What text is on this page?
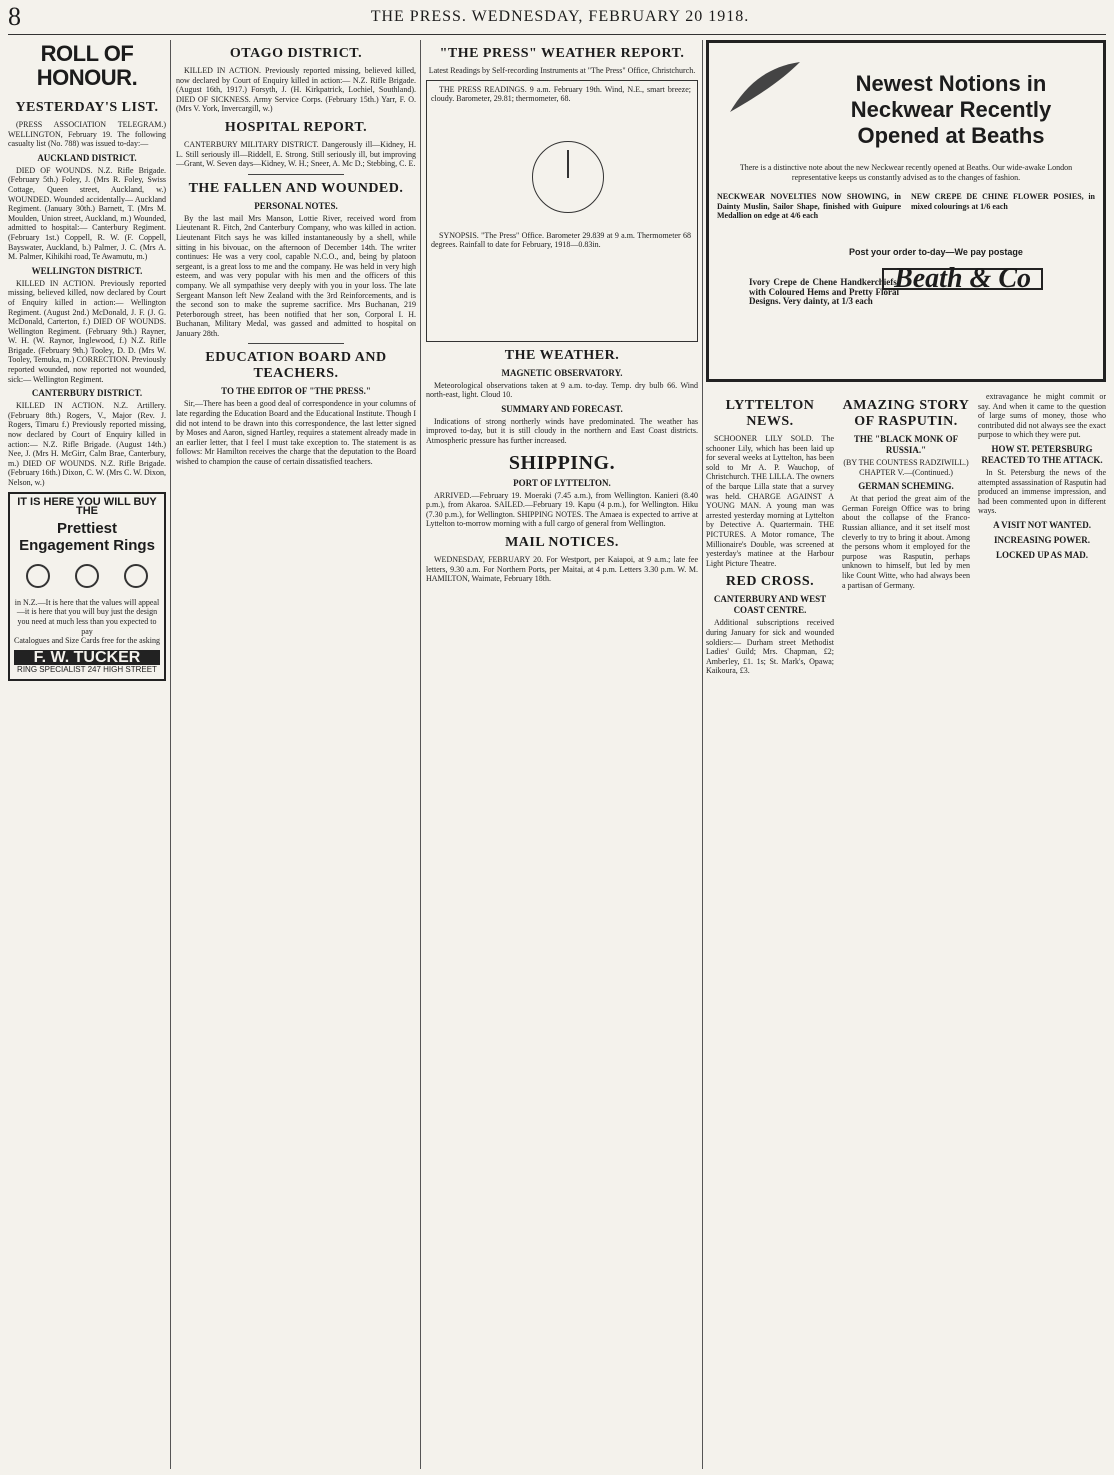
8	THE PRESS. WEDNESDAY, FEBRUARY 20 1918.
ROLL OF HONOUR.
YESTERDAY'S LIST.

(PRESS ASSOCIATION TELEGRAM.) WELLINGTON, February 19. The following casualty list (No. 788) was issued to-day:—

AUCKLAND DISTRICT.

DIED OF WOUNDS. N.Z. Rifle Brigade. (February 5th.) Foley, J. (Mrs R. Foley, Swiss Cottage, Queen street, Auckland, w.) WOUNDED. Wounded accidentally— Auckland Regiment. (January 30th.) Barnett, T. (Mrs M. Moulden, Union street, Auckland, m.) Wounded, admitted to hospital:— Canterbury Regiment. (February 1st.) Coppell, R. W. (F. Coppell, Bayswater, Auckland, b.) Palmer, J. C. (Mrs A. M. Palmer, Kihikihi road, Te Awamutu, m.)

WELLINGTON DISTRICT.

KILLED IN ACTION. Previously reported missing, believed killed, now declared by Court of Enquiry killed in action:— Wellington Regiment. (August 2nd.) McDonald, J. F. (J. G. McDonald, Carterton, f.) DIED OF WOUNDS. Wellington Regiment. (February 9th.) Rayner, W. H. (W. Raynor, Inglewood, f.) N.Z. Rifle Brigade. (February 9th.) Tooley, D. D. (Mrs W. Tooley, Temuka, m.) CORRECTION. Previously reported wounded, now reported not wounded, sick:— Wellington Regiment.

CANTERBURY DISTRICT.

KILLED IN ACTION. N.Z. Artillery. (February 8th.) Rogers, V., Major (Rev. J. Rogers, Timaru f.) Previously reported missing, now declared by Court of Enquiry killed in action:— N.Z. Rifle Brigade. (August 14th.) Nee, J. (Mrs H. McGirr, Calm Brae, Canterbury, m.) DIED OF WOUNDS. N.Z. Rifle Brigade. (February 16th.) Dixon, C. W. (Mrs C. W. Dixon, Nelson, w.)

IT IS HERE YOU WILL BUY THE
Prettiest Engagement Rings
in N.Z.—It is here that the values will appeal—it is here that you will buy just the design you need at much less than you expected to pay
Catalogues and Size Cards free for the asking
F. W. TUCKER
RING SPECIALIST 247 HIGH STREET
OTAGO DISTRICT.

KILLED IN ACTION. Previously reported missing, believed killed, now declared by Court of Enquiry killed in action:— N.Z. Rifle Brigade. (August 16th, 1917.) Forsyth, J. (H. Kirkpatrick, Lochiel, Southland). DIED OF SICKNESS. Army Service Corps. (February 15th.) Yarr, F. O. (Mrs V. York, Invercargill, w.)

HOSPITAL REPORT.

CANTERBURY MILITARY DISTRICT. Dangerously ill—Kidney, H. L. Still seriously ill—Riddell, E. Strong. Still seriously ill, but improving—Grant, W. Seven days—Kidney, W. H.; Sneer, A. Mc D.; Stebbing, C. E.

THE FALLEN AND WOUNDED.
PERSONAL NOTES.

By the last mail Mrs Manson, Lottie River, received word from Lieutenant R. Fitch, 2nd Canterbury Company, who was killed in action. Lieutenant Fitch says he was killed instantaneously by a shell, while sitting in his bivouac, on the afternoon of December 14th. The writer continues: He was a very cool, capable N.C.O., and, being by platoon sergeant, is a great loss to me and the company. He was held in very high esteem, and was very popular with his men and the officers of this company. We all sympathise very deeply with you in your loss. The late Sergeant Manson left New Zealand with the 3rd Reinforcements, and is the second son to make the supreme sacrifice. Mrs Buchanan, 219 Peterborough street, has been notified that her son, Corporal I. H. Buchanan, Military Medal, was gassed and admitted to hospital on January 28th.

EDUCATION BOARD AND TEACHERS.
TO THE EDITOR OF "THE PRESS."

Sir,—There has been a good deal of correspondence in your columns of late regarding the Education Board and the Educational Institute. Though I did not intend to be drawn into this correspondence, the last letter signed by Moses and Aaron, signed Hartley, requires a statement already made in an earlier letter, that I feel I must take exception to. The statement is as follows: Mr Hamilton receives the charge that the deputation to the Board wished to champion the cause of certain dissatisfied teachers.

"THE PRESS" WEATHER REPORT.
Latest Readings by Self-recording Instruments at "The Press" Office, Christchurch.

THE PRESS READINGS. 9 a.m. February 19th. Wind, N.E., smart breeze; cloudy. Barometer, 29.81; thermometer, 68.

SYNOPSIS. "The Press" Office. Barometer 29.839 at 9 a.m. Thermometer 68 degrees. Rainfall to date for February, 1918—0.83in.

THE WEATHER.
MAGNETIC OBSERVATORY.

Meteorological observations taken at 9 a.m. to-day. Temp. dry bulb 66. Wind north-east, light. Cloud 10.

SUMMARY AND FORECAST.

Indications of strong northerly winds have predominated. The weather has improved to-day, but it is still cloudy in the northern and East Coast districts. Atmospheric pressure has further increased.

SHIPPING.
PORT OF LYTTELTON.

ARRIVED.—February 19. Moeraki (7.45 a.m.), from Wellington. Kanieri (8.40 p.m.), from Akaroa. SAILED.—February 19. Kapu (4 p.m.), for Wellington. Hiku (7.30 p.m.), for Wellington. SHIPPING NOTES. The Amaea is expected to arrive at Lyttelton to-morrow morning with a full cargo of general from Wellington.

MAIL NOTICES.

WEDNESDAY, FEBRUARY 20. For Westport, per Kaiapoi, at 9 a.m.; late fee letters, 9.30 a.m. For Northern Ports, per Maitai, at 4 p.m. Letters 3.30 p.m. W. M. HAMILTON, Waimate, February 18th.

Newest Notions in Neckwear Recently Opened at Beaths
There is a distinctive note about the new Neckwear recently opened at Beaths. Our wide-awake London representative keeps us constantly advised as to the changes of fashion.
NECKWEAR NOVELTIES NOW SHOWING, in Dainty Muslin, Sailor Shape, finished with Guipure Medallion on edge at 4/6 each
NEW CREPE DE CHINE FLOWER POSIES, in mixed colourings at 1/6 each
Post your order to-day—We pay postage
Ivory Crepe de Chene Handkerchiefs, with Coloured Hems and Pretty Floral Designs. Very dainty, at 1/3 each
Beath & Co
LYTTELTON NEWS.

SCHOONER LILY SOLD. The schooner Lily, which has been laid up for several weeks at Lyttelton, has been sold to Mr A. P. Wauchop, of Christchurch. THE LILLA. The owners of the barque Lilla state that a survey was held. CHARGE AGAINST A YOUNG MAN. A young man was arrested yesterday morning at Lyttelton by Detective A. Quartermain. THE PICTURES. A Motor romance, The Millionaire's Double, was screened at yesterday's matinee at the Harbour Light Picture Theatre.

RED CROSS.
CANTERBURY AND WEST COAST CENTRE.

Additional subscriptions received during January for sick and wounded soldiers:— Durham street Methodist Ladies' Guild; Mrs. Chapman, £2; Amberley, £1. 1s; St. Mark's, Opawa; Kaikoura, £3.

AMAZING STORY OF RASPUTIN.
THE "BLACK MONK OF RUSSIA."
(BY THE COUNTESS RADZIWILL.)
CHAPTER V.—(Continued.)
GERMAN SCHEMING.

At that period the great aim of the German Foreign Office was to bring about the collapse of the Franco-Russian alliance, and it set itself most cleverly to try to bring it about. Among the persons whom it employed for the purpose was Rasputin, perhaps unknown to himself, but led by men like Count Witte, who had always been a partisan of Germany.

extravagance he might commit or say. And when it came to the question of large sums of money, those who contributed did not always see the exact purpose to which they were put.

HOW ST. PETERSBURG REACTED TO THE ATTACK.

In St. Petersburg the news of the attempted assassination of Rasputin had produced an immense impression, and had been commented upon in different ways.

A VISIT NOT WANTED.
INCREASING POWER.
LOCKED UP AS MAD.
